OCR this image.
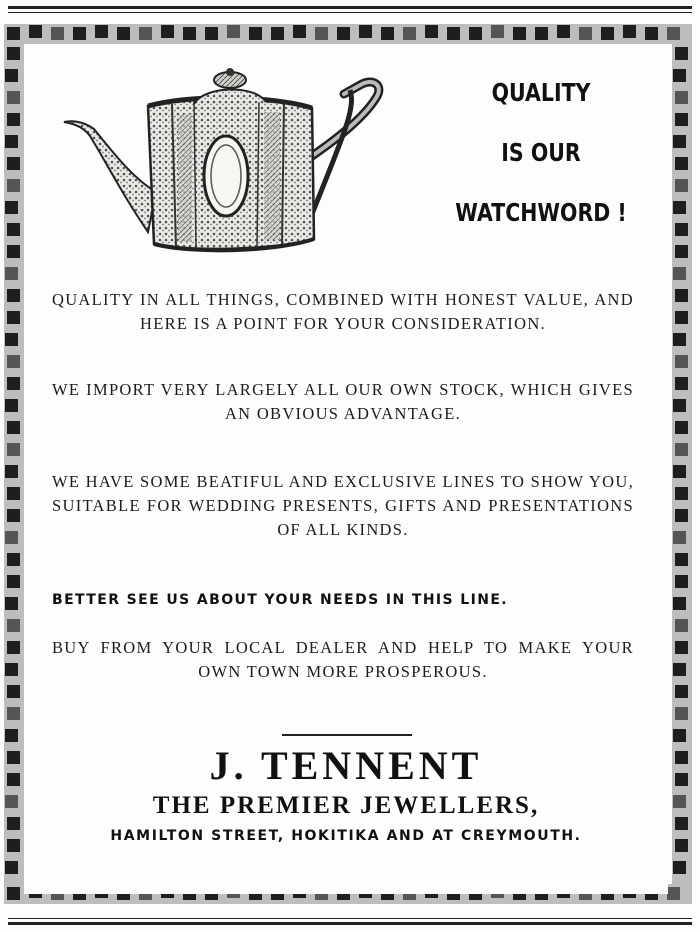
QUALITY
IS OUR
WATCHWORD !
QUALITY IN ALL THINGS, COMBINED WITH HONEST VALUE, AND HERE IS A POINT FOR YOUR CONSIDERATION.
WE IMPORT VERY LARGELY ALL OUR OWN STOCK, WHICH GIVES AN OBVIOUS ADVANTAGE.
WE HAVE SOME BEATIFUL AND EXCLUSIVE LINES TO SHOW YOU, SUITABLE FOR WEDDING PRESENTS, GIFTS AND PRESENTATIONS OF ALL KINDS.
BETTER SEE US ABOUT YOUR NEEDS IN THIS LINE.
BUY FROM YOUR LOCAL DEALER AND HELP TO MAKE YOUR OWN TOWN MORE PROSPEROUS.
J. TENNENT
THE PREMIER JEWELLERS,
HAMILTON STREET, HOKITIKA AND AT CREYMOUTH.
